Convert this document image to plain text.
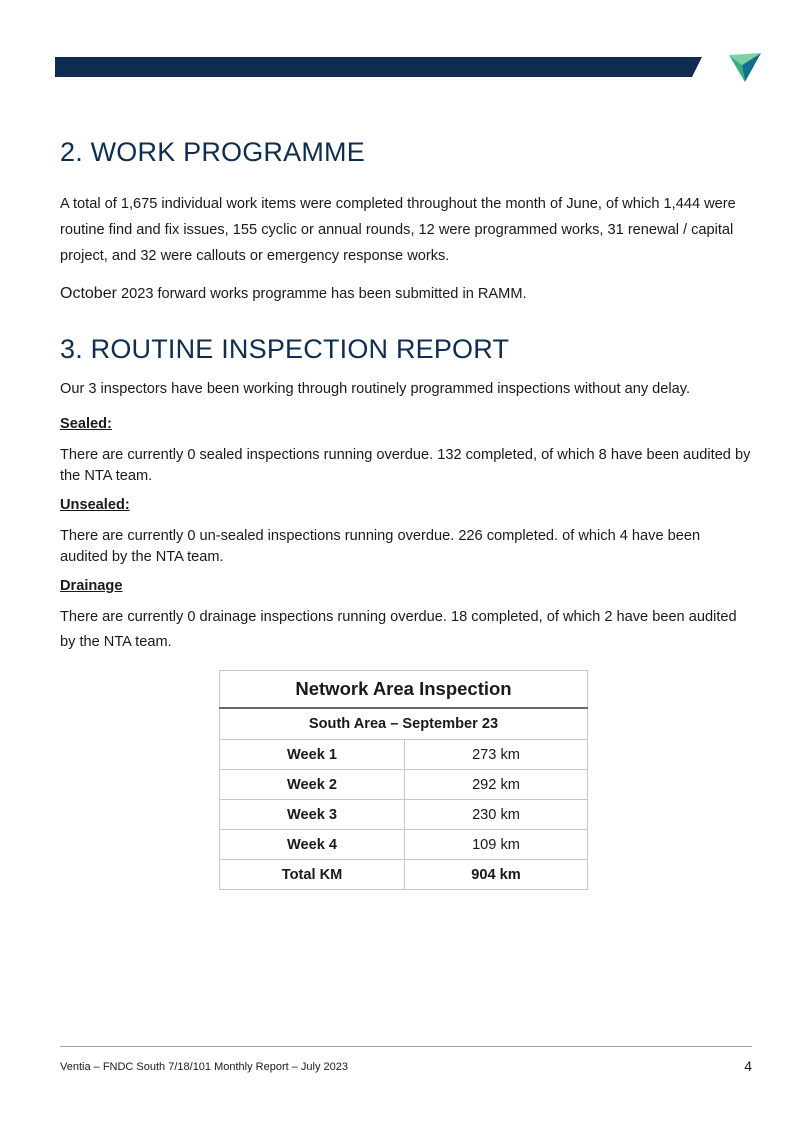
2. WORK PROGRAMME

A total of 1,675 individual work items were completed throughout the month of June, of which 1,444 were routine find and fix issues, 155 cyclic or annual rounds, 12 were programmed works, 31 renewal / capital project, and 32 were callouts or emergency response works.

October 2023 forward works programme has been submitted in RAMM.

3. ROUTINE INSPECTION REPORT

Our 3 inspectors have been working through routinely programmed inspections without any delay.

Sealed:

There are currently 0 sealed inspections running overdue. 132 completed, of which 8 have been audited by the NTA team.

Unsealed:

There are currently 0 un-sealed inspections running overdue. 226 completed. of which 4 have been audited by the NTA team.

Drainage

There are currently 0 drainage inspections running overdue. 18 completed, of which 2 have been audited by the NTA team.

Network Area Inspection	
South Area – September 23	
Week 1	273 km
Week 2	292 km
Week 3	230 km
Week 4	109 km
Total KM	904 km
Ventia – FNDC South 7/18/101 Monthly Report – July 2023	4
